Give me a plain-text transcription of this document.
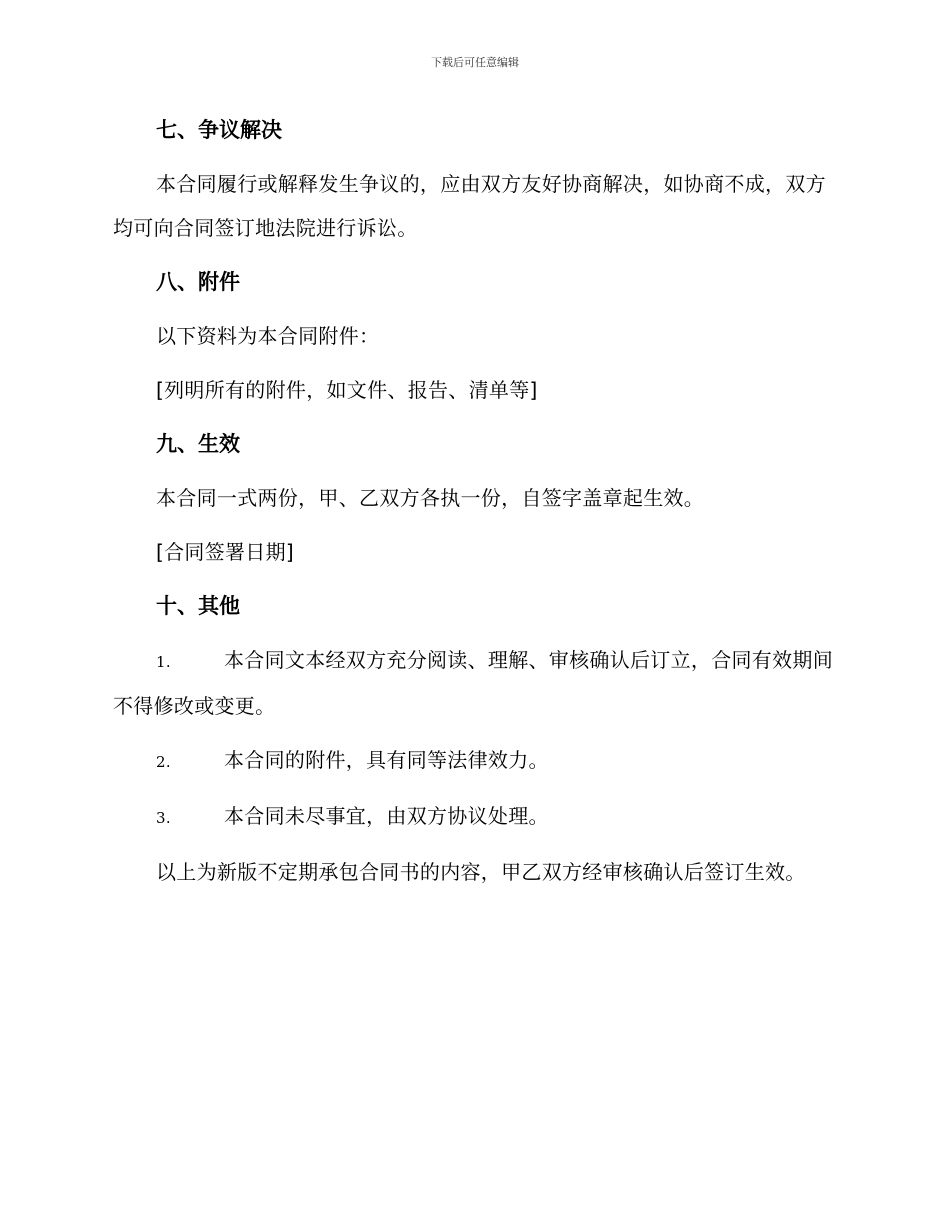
下载后可任意编辑
七、争议解决
本合同履行或解释发生争议的，应由双方友好协商解决，如协商不成，双方均可向合同签订地法院进行诉讼。
八、附件
以下资料为本合同附件：
[列明所有的附件，如文件、报告、清单等]
九、生效
本合同一式两份，甲、乙双方各执一份，自签字盖章起生效。
[合同签署日期]
十、其他
1.	本合同文本经双方充分阅读、理解、审核确认后订立，合同有效期间不得修改或变更。
2.	本合同的附件，具有同等法律效力。
3.	本合同未尽事宜，由双方协议处理。
以上为新版不定期承包合同书的内容，甲乙双方经审核确认后签订生效。
